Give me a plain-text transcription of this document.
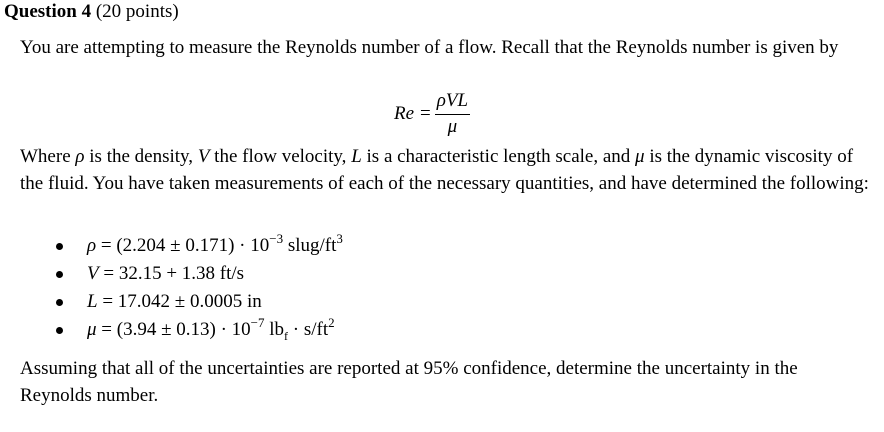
Question 4 (20 points)

You are attempting to measure the Reynolds number of a flow. Recall that the Reynolds number is given by

$Re = \frac{\text{ρVL}}{\mu}$

Where ρ is the density, V the flow velocity, L is a characteristic length scale, and μ is the dynamic viscosity of the fluid. You have taken measurements of each of the necessary quantities, and have determined the following:

$\rho = (2.204 \pm 0.171) \cdot 10^{-3}$ slug/$ft^3$
V = 32.15 + 1.38 ft/s
L = 17.042 ± 0.0005 in
$\mu = (3.94 \pm 0.13) \cdot 10^{-7}$ $lb_f \cdot s/ft^2$

Assuming that all of the uncertainties are reported at 95% confidence, determine the uncertainty in the Reynolds number.
